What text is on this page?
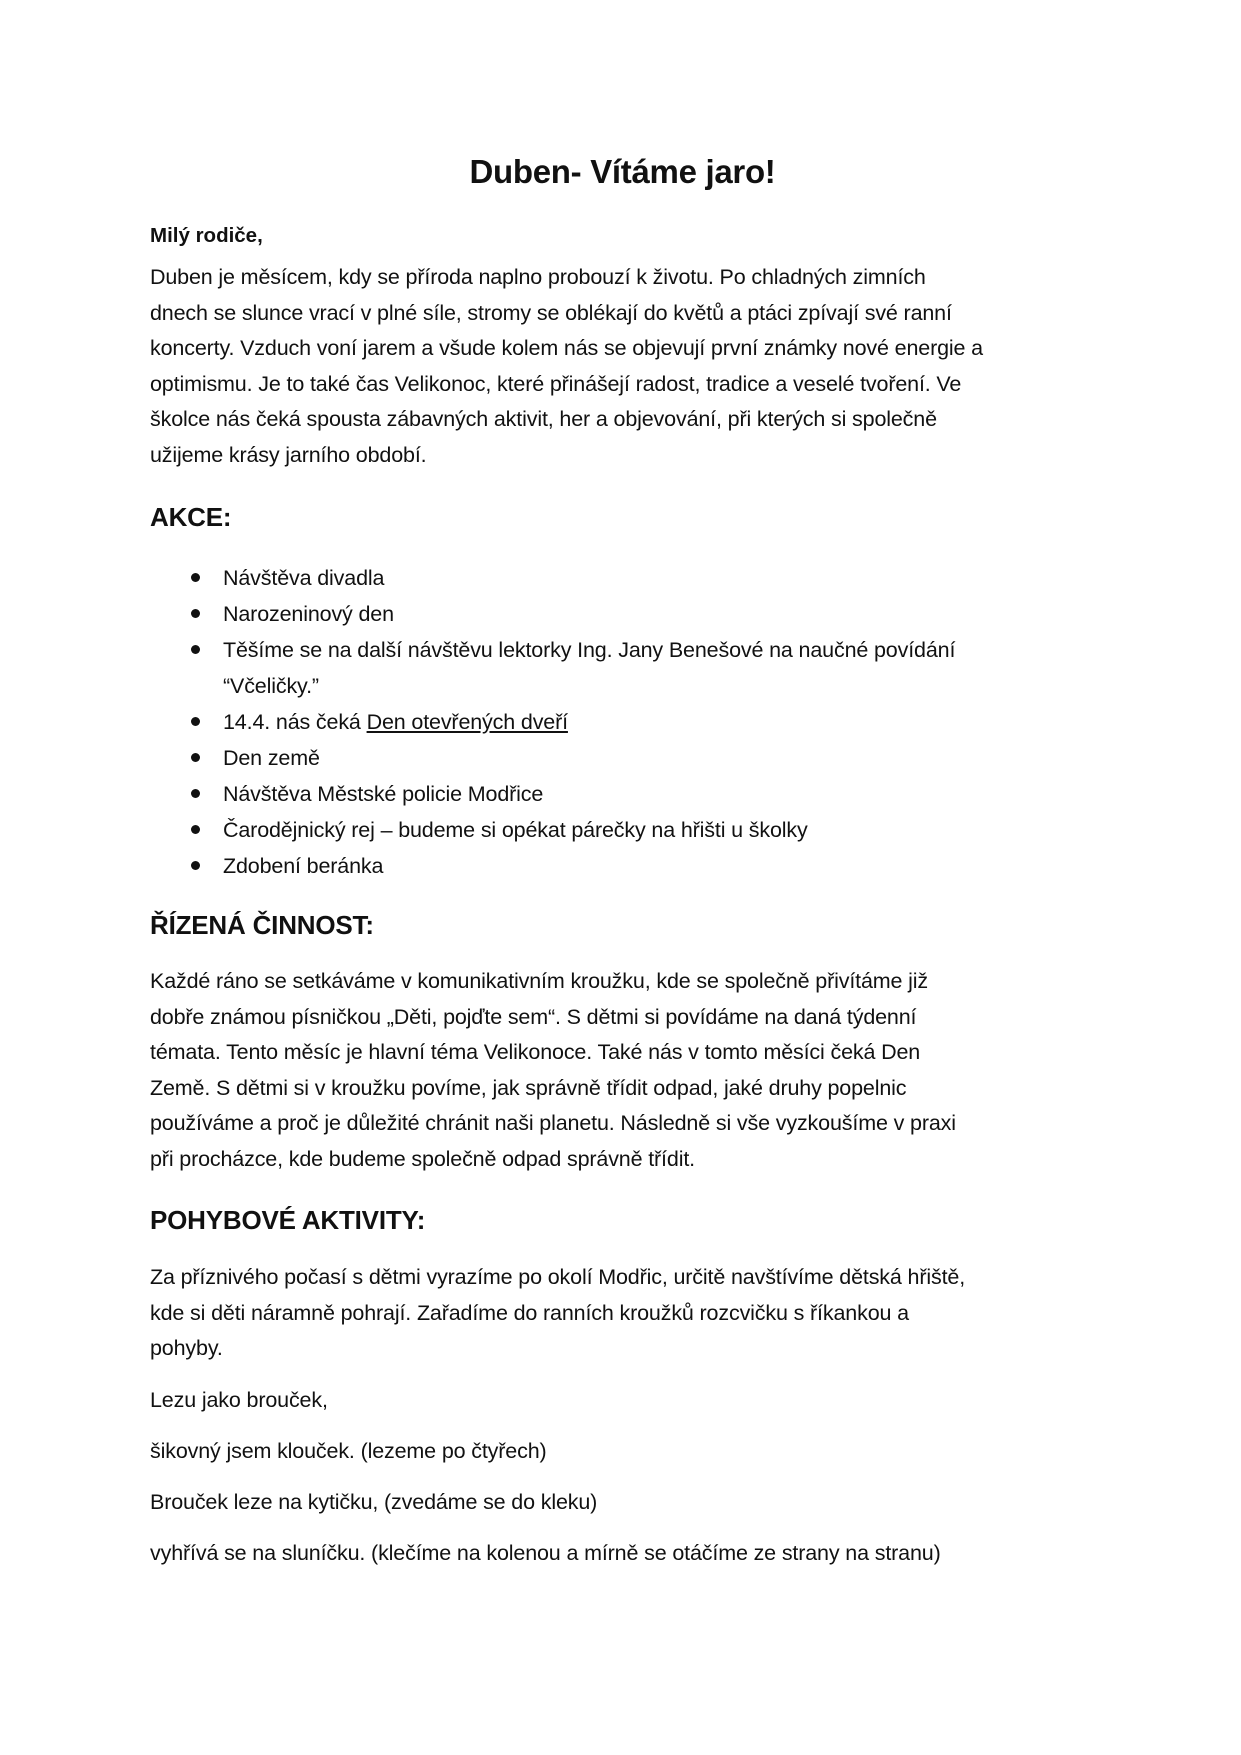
Duben- Vítáme jaro!

Milý rodiče,

Duben je měsícem, kdy se příroda naplno probouzí k životu. Po chladných zimních
dnech se slunce vrací v plné síle, stromy se oblékají do květů a ptáci zpívají své ranní
koncerty. Vzduch voní jarem a všude kolem nás se objevují první známky nové energie a
optimismu. Je to také čas Velikonoc, které přinášejí radost, tradice a veselé tvoření. Ve
školce nás čeká spousta zábavných aktivit, her a objevování, při kterých si společně
užijeme krásy jarního období.
AKCE:
Návštěva divadla
Narozeninový den
Těšíme se na další návštěvu lektorky Ing. Jany Benešové na naučné povídání
“Včeličky.”
14.4. nás čeká Den otevřených dveří
Den země
Návštěva Městské policie Modřice
Čarodějnický rej – budeme si opékat párečky na hřišti u školky
Zdobení beránka
ŘÍZENÁ ČINNOST:
Každé ráno se setkáváme v komunikativním kroužku, kde se společně přivítáme již
dobře známou písničkou „Děti, pojďte sem“. S dětmi si povídáme na daná týdenní
témata. Tento měsíc je hlavní téma Velikonoce. Také nás v tomto měsíci čeká Den
Země. S dětmi si v kroužku povíme, jak správně třídit odpad, jaké druhy popelnic
používáme a proč je důležité chránit naši planetu. Následně si vše vyzkoušíme v praxi
při procházce, kde budeme společně odpad správně třídit.
POHYBOVÉ AKTIVITY:
Za příznivého počasí s dětmi vyrazíme po okolí Modřic, určitě navštívíme dětská hřiště,
kde si děti náramně pohrají. Zařadíme do ranních kroužků rozcvičku s říkankou a
pohyby.

Lezu jako brouček,

šikovný jsem klouček. (lezeme po čtyřech)

Brouček leze na kytičku, (zvedáme se do kleku)

vyhřívá se na sluníčku. (klečíme na kolenou a mírně se otáčíme ze strany na stranu)
